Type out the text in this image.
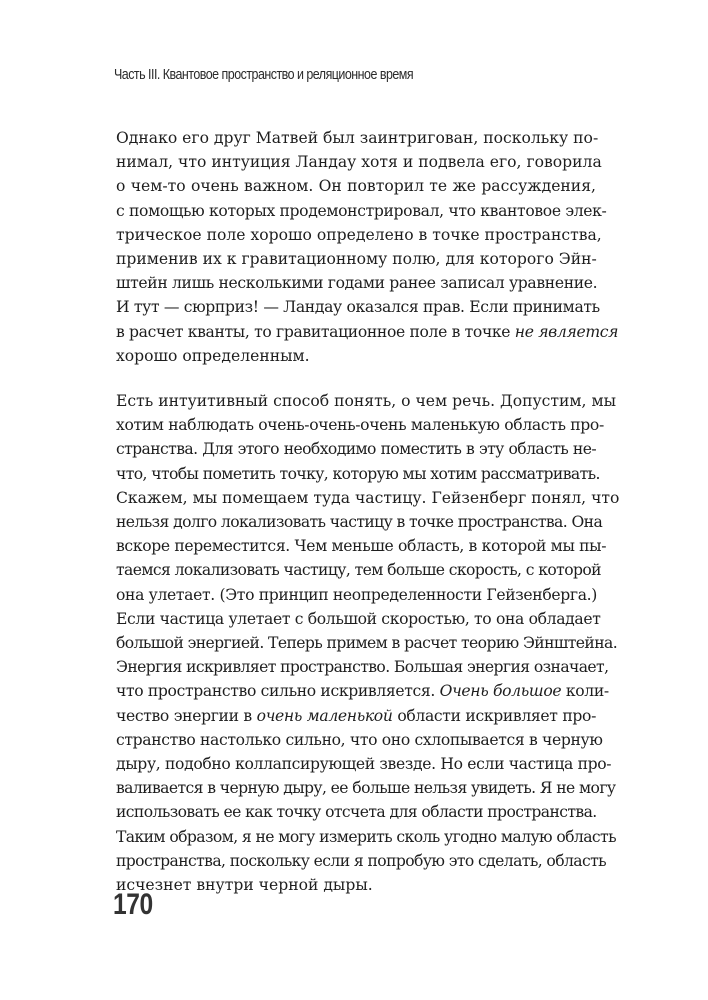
Часть III. Квантовое пространство и реляционное время

Однако его друг Матвей был заинтригован, поскольку по-
нимал, что интуиция Ландау хотя и подвела его, говорила
о чем-то очень важном. Он повторил те же рассуждения,
с помощью которых продемонстрировал, что квантовое элек-
трическое поле хорошо определено в точке пространства,
применив их к гравитационному полю, для которого Эйн-
штейн лишь несколькими годами ранее записал уравнение.
И тут — сюрприз! — Ландау оказался прав. Если принимать
в расчет кванты, то гравитационное поле в точке не является
хорошо определенным.

Есть интуитивный способ понять, о чем речь. Допустим, мы
хотим наблюдать очень-очень-очень маленькую область про-
странства. Для этого необходимо поместить в эту область не-
что, чтобы пометить точку, которую мы хотим рассматривать.
Скажем, мы помещаем туда частицу. Гейзенберг понял, что
нельзя долго локализовать частицу в точке пространства. Она
вскоре переместится. Чем меньше область, в которой мы пы-
таемся локализовать частицу, тем больше скорость, с которой
она улетает. (Это принцип неопределенности Гейзенберга.)
Если частица улетает с большой скоростью, то она обладает
большой энергией. Теперь примем в расчет теорию Эйнштейна.
Энергия искривляет пространство. Большая энергия означает,
что пространство сильно искривляется. Очень большое коли-
чество энергии в очень маленькой области искривляет про-
странство настолько сильно, что оно схлопывается в черную
дыру, подобно коллапсирующей звезде. Но если частица про-
валивается в черную дыру, ее больше нельзя увидеть. Я не могу
использовать ее как точку отсчета для области пространства.
Таким образом, я не могу измерить сколь угодно малую область
пространства, поскольку если я попробую это сделать, область
исчезнет внутри черной дыры.

170
